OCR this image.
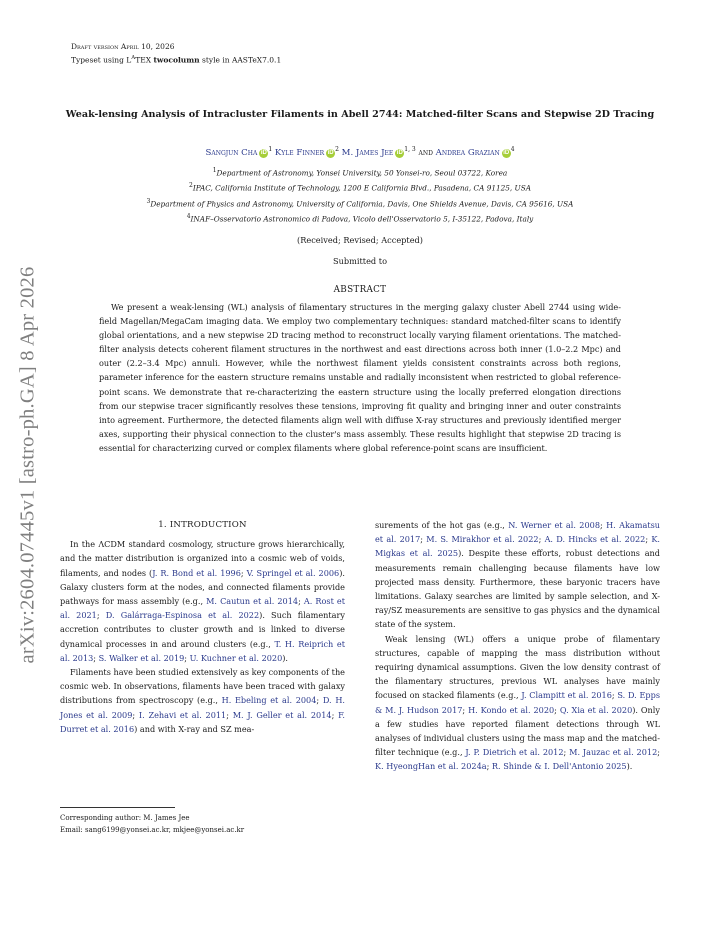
arXiv:2604.07445v1 [astro-ph.GA] 8 Apr 2026
Draft version April 10, 2026
Typeset using $L^ATEX$ twocolumn style in AASTeX7.0.1
Weak-lensing Analysis of Intracluster Filaments in Abell 2744: Matched-filter Scans and Stepwise 2D Tracing
Sangjun Cha iD $^1$ Kyle Finner iD $^2$ M. James Jee iD $^{1, 3}$ and Andrea Grazian iD $^4$
$^1$Department of Astronomy, Yonsei University, 50 Yonsei-ro, Seoul 03722, Korea
$^2$IPAC, California Institute of Technology, 1200 E California Blvd., Pasadena, CA 91125, USA
$^3$Department of Physics and Astronomy, University of California, Davis, One Shields Avenue, Davis, CA 95616, USA
$^4$INAF–Osservatorio Astronomico di Padova, Vicolo dell'Osservatorio 5, I-35122, Padova, Italy
(Received; Revised; Accepted)
Submitted to
ABSTRACT
We present a weak-lensing (WL) analysis of filamentary structures in the merging galaxy cluster Abell 2744 using wide-field Magellan/MegaCam imaging data. We employ two complementary techniques: standard matched-filter scans to identify global orientations, and a new stepwise 2D tracing method to reconstruct locally varying filament orientations. The matched-filter analysis detects coherent filament structures in the northwest and east directions across both inner (1.0–2.2 Mpc) and outer (2.2–3.4 Mpc) annuli. However, while the northwest filament yields consistent constraints across both regions, parameter inference for the eastern structure remains unstable and radially inconsistent when restricted to global reference-point scans. We demonstrate that re-characterizing the eastern structure using the locally preferred elongation directions from our stepwise tracer significantly resolves these tensions, improving fit quality and bringing inner and outer constraints into agreement. Furthermore, the detected filaments align well with diffuse X-ray structures and previously identified merger axes, supporting their physical connection to the cluster's mass assembly. These results highlight that stepwise 2D tracing is essential for characterizing curved or complex filaments where global reference-point scans are insufficient.

1. INTRODUCTION

In the ΛCDM standard cosmology, structure grows hierarchically, and the matter distribution is organized into a cosmic web of voids, filaments, and nodes (J. R. Bond et al. 1996; V. Springel et al. 2006). Galaxy clusters form at the nodes, and connected filaments provide pathways for mass assembly (e.g., M. Cautun et al. 2014; A. Rost et al. 2021; D. Galárraga-Espinosa et al. 2022). Such filamentary accretion contributes to cluster growth and is linked to diverse dynamical processes in and around clusters (e.g., T. H. Reiprich et al. 2013; S. Walker et al. 2019; U. Kuchner et al. 2020).

Filaments have been studied extensively as key components of the cosmic web. In observations, filaments have been traced with galaxy distributions from spectroscopy (e.g., H. Ebeling et al. 2004; D. H. Jones et al. 2009; I. Zehavi et al. 2011; M. J. Geller et al. 2014; F. Durret et al. 2016) and with X-ray and SZ mea-

surements of the hot gas (e.g., N. Werner et al. 2008; H. Akamatsu et al. 2017; M. S. Mirakhor et al. 2022; A. D. Hincks et al. 2022; K. Migkas et al. 2025). Despite these efforts, robust detections and measurements remain challenging because filaments have low projected mass density. Furthermore, these baryonic tracers have limitations. Galaxy searches are limited by sample selection, and X-ray/SZ measurements are sensitive to gas physics and the dynamical state of the system.

Weak lensing (WL) offers a unique probe of filamentary structures, capable of mapping the mass distribution without requiring dynamical assumptions. Given the low density contrast of the filamentary structures, previous WL analyses have mainly focused on stacked filaments (e.g., J. Clampitt et al. 2016; S. D. Epps & M. J. Hudson 2017; H. Kondo et al. 2020; Q. Xia et al. 2020). Only a few studies have reported filament detections through WL analyses of individual clusters using the mass map and the matched-filter technique (e.g., J. P. Dietrich et al. 2012; M. Jauzac et al. 2012; K. HyeongHan et al. 2024a; R. Shinde & I. Dell'Antonio 2025).

Corresponding author: M. James Jee
Email: sang6199@yonsei.ac.kr, mkjee@yonsei.ac.kr
